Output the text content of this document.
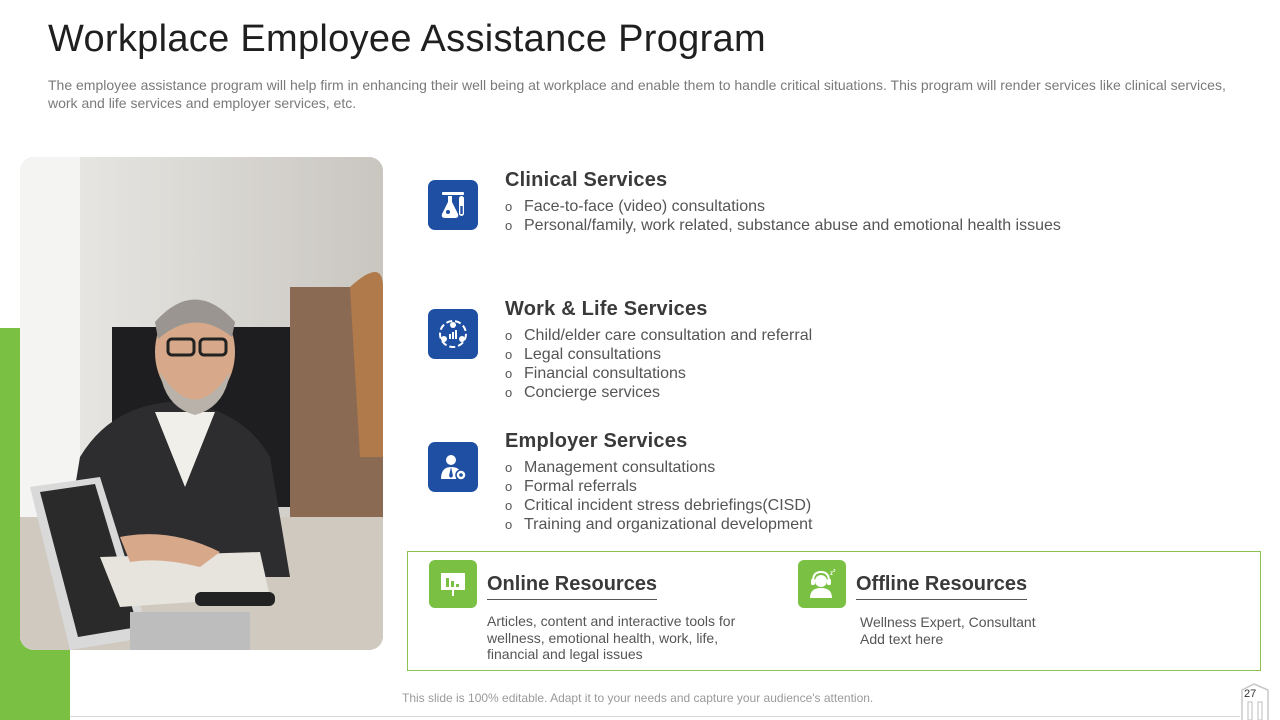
Workplace Employee Assistance Program
The employee assistance program will help firm in enhancing their well being at workplace and enable them to handle critical situations. This program will render services like clinical services, work and life services and employer services, etc.
Clinical Services
o Face-to-face (video) consultations
o Personal/family, work related, substance abuse and emotional health issues
Work & Life Services
o Child/elder care consultation and referral
o Legal consultations
o Financial consultations
o Concierge services
Employer Services
o Management consultations
o Formal referrals
o Critical incident stress debriefings(CISD)
o Training and organizational development
Online Resources
Articles, content and interactive tools for
wellness, emotional health, work, life,
financial and legal issues
z z
Offline Resources
Wellness Expert, Consultant
Add text here
This slide is 100% editable. Adapt it to your needs and capture your audience's attention.	27
